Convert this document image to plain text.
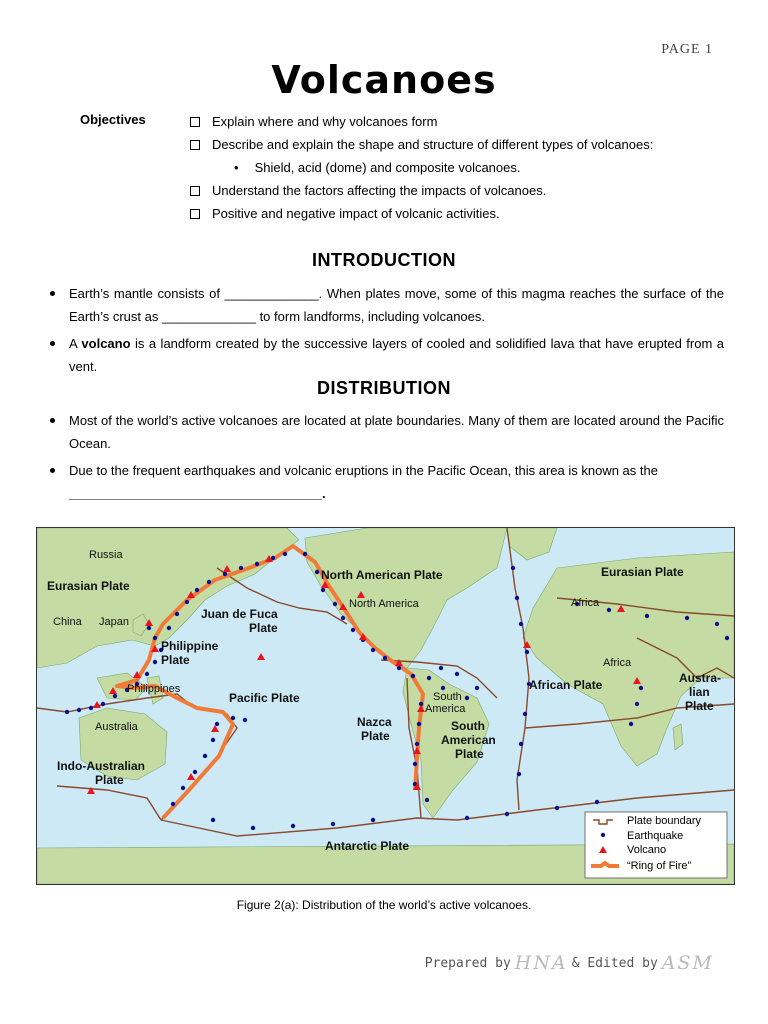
PAGE 1
Volcanoes
Objectives	Explain where and why volcanoes form
Describe and explain the shape and structure of different types of volcanoes:
• Shield, acid (dome) and composite volcanoes.
Understand the factors affecting the impacts of volcanoes.
Positive and negative impact of volcanic activities.
INTRODUCTION
Earth’s mantle consists of _____________. When plates move, some of this magma reaches the surface of the Earth’s crust as _____________ to form landforms, including volcanoes.
A volcano is a landform created by the successive layers of cooled and solidified lava that have erupted from a vent.
DISTRIBUTION
Most of the world’s active volcanoes are located at plate boundaries. Many of them are located around the Pacific Ocean.
Due to the frequent earthquakes and volcanic eruptions in the Pacific Ocean, this area is known as the
___________________________________.
Russia
Eurasian Plate
China Japan
Juan de Fuca
Plate
Philippine
Plate
Philippines
Pacific Plate
Australia
Indo-Australian
Plate
North American Plate
North America
Eurasian Plate
Africa
Africa
African Plate	Austra-
lian
Plate
South
America
Nazca
Plate
South
American
Plate
Antarctic Plate
Plate boundary
Earthquake
Volcano
“Ring of Fire”
Figure 2(a): Distribution of the world’s active volcanoes.
Prepared by HNA & Edited by ASM
